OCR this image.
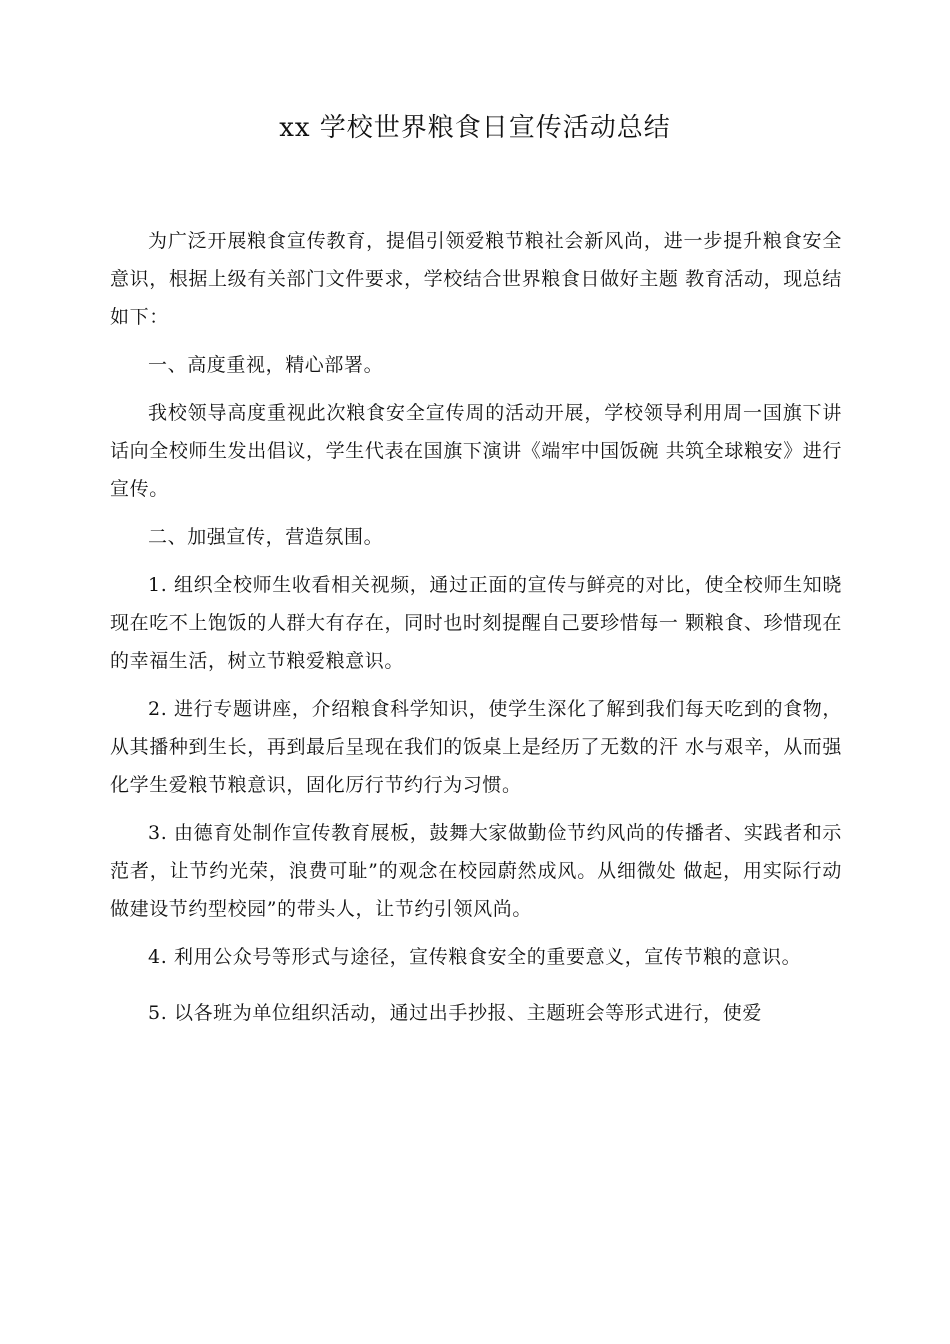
xx 学校世界粮食日宣传活动总结

为广泛开展粮食宣传教育，提倡引领爱粮节粮社会新风尚，进一步提升粮食安全意识，根据上级有关部门文件要求，学校结合世界粮食日做好主题 教育活动，现总结如下：

一、高度重视，精心部署。

我校领导高度重视此次粮食安全宣传周的活动开展，学校领导利用周一国旗下讲话向全校师生发出倡议，学生代表在国旗下演讲《端牢中国饭碗 共筑全球粮安》进行宣传。

二、加强宣传，营造氛围。

1. 组织全校师生收看相关视频，通过正面的宣传与鲜亮的对比，使全校师生知晓现在吃不上饱饭的人群大有存在，同时也时刻提醒自己要珍惜每一 颗粮食、珍惜现在的幸福生活，树立节粮爱粮意识。

2. 进行专题讲座，介绍粮食科学知识，使学生深化了解到我们每天吃到的食物，从其播种到生长，再到最后呈现在我们的饭桌上是经历了无数的汗 水与艰辛，从而强化学生爱粮节粮意识，固化厉行节约行为习惯。

3. 由德育处制作宣传教育展板，鼓舞大家做勤俭节约风尚的传播者、实践者和示范者，让节约光荣，浪费可耻”的观念在校园蔚然成风。从细微处 做起，用实际行动做建设节约型校园”的带头人，让节约引领风尚。

4. 利用公众号等形式与途径，宣传粮食安全的重要意义，宣传节粮的意识。

5. 以各班为单位组织活动，通过出手抄报、主题班会等形式进行，使爱
